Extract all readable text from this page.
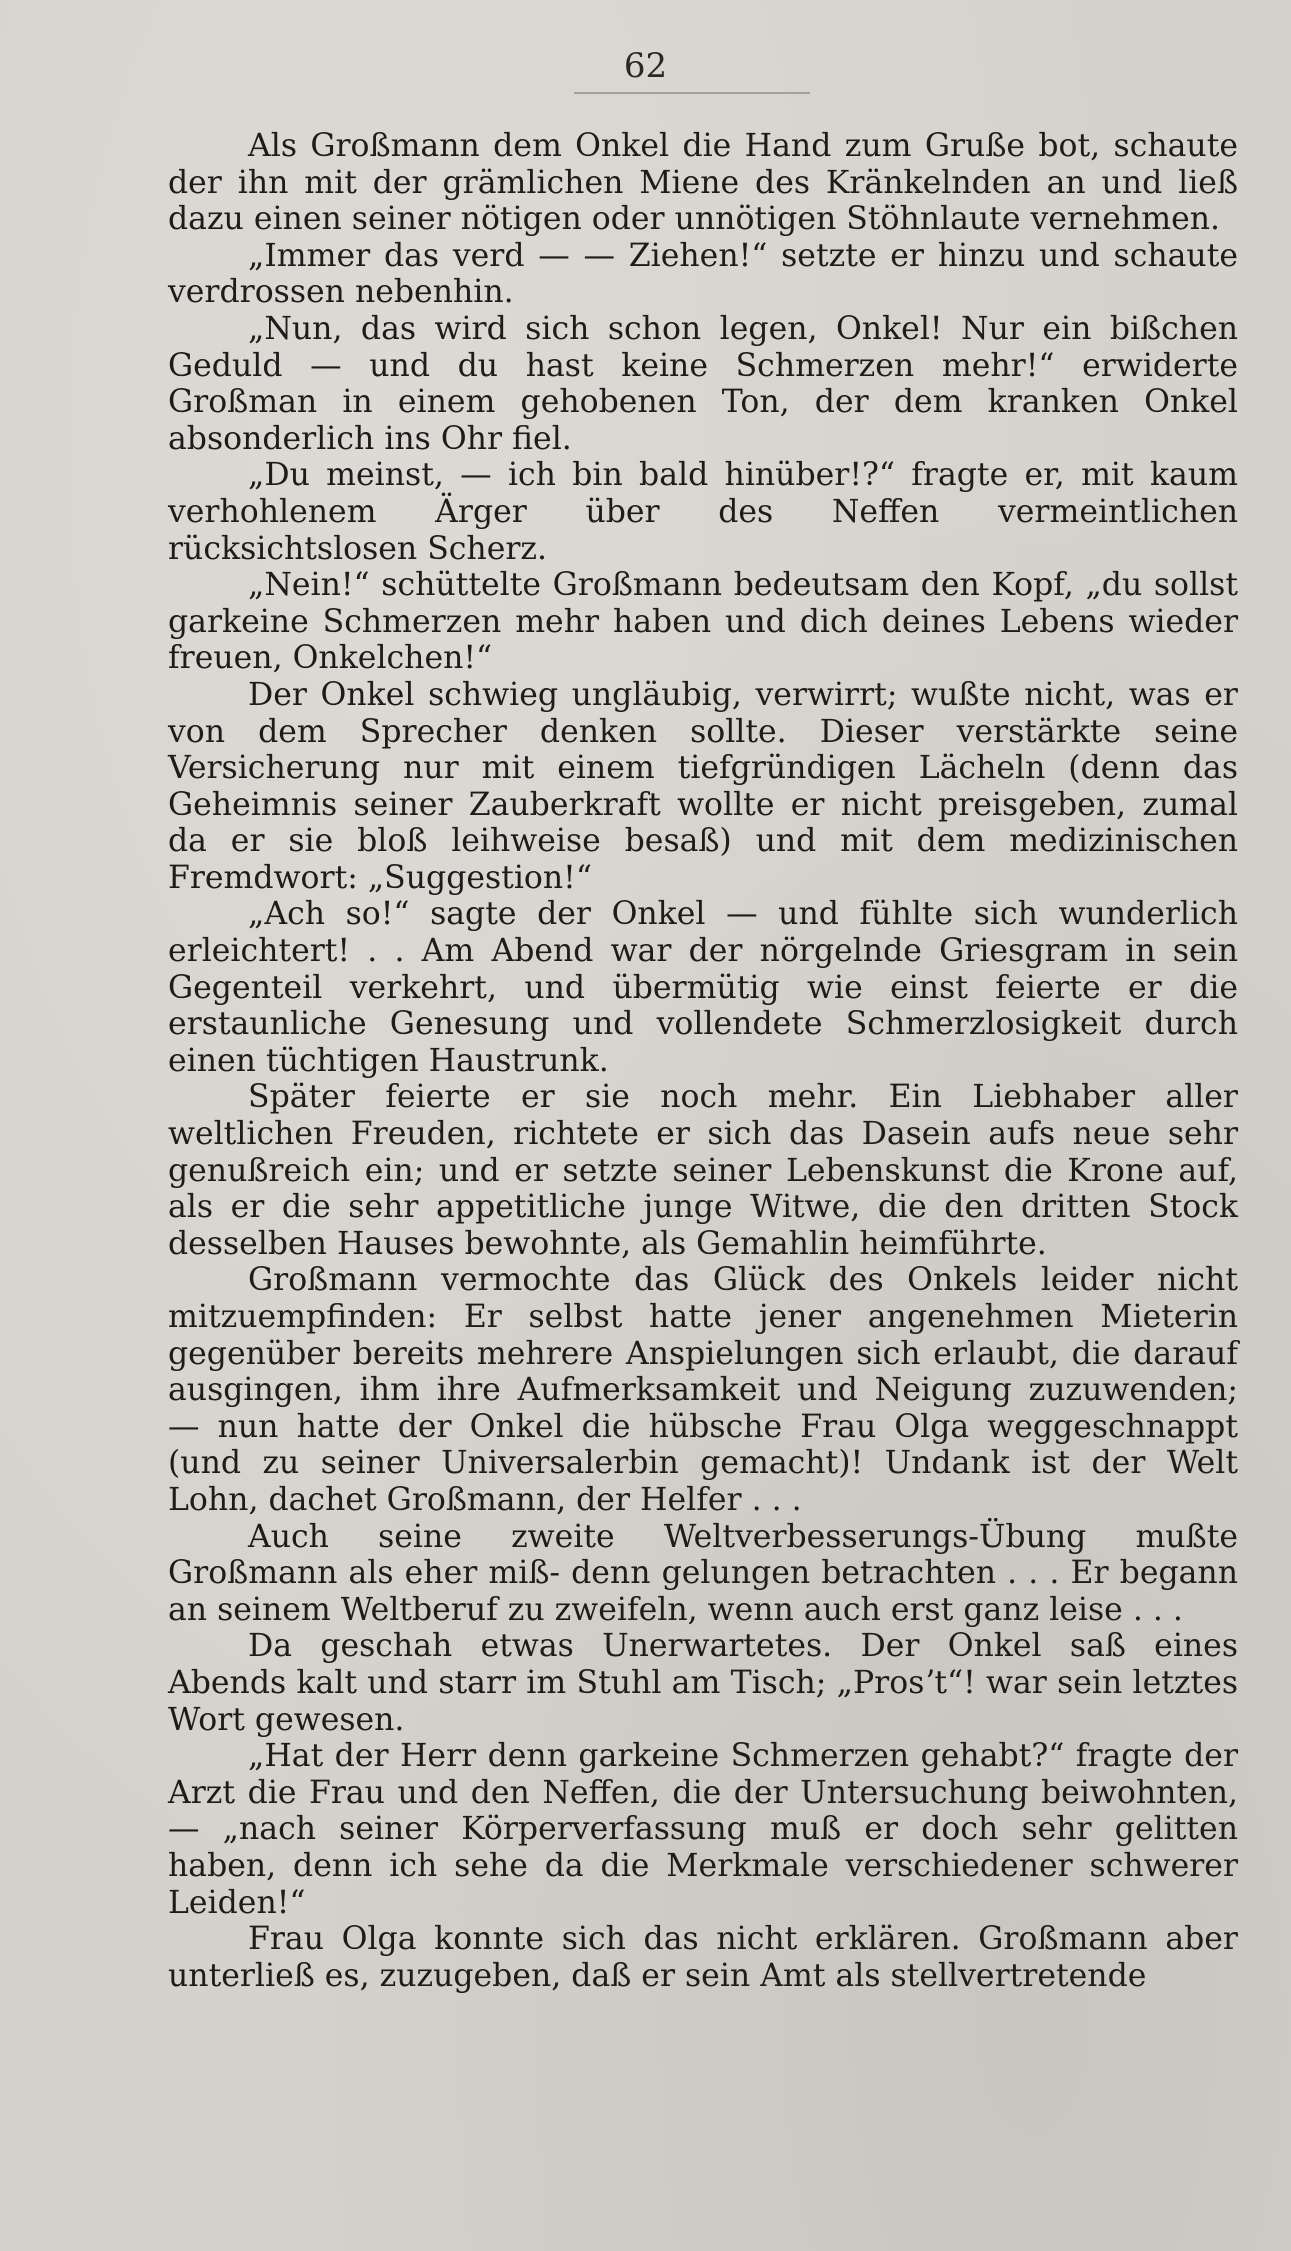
62

Als Großmann dem Onkel die Hand zum Gruße bot, schaute der ihn mit der grämlichen Miene des Kränkelnden an und ließ dazu einen seiner nötigen oder unnötigen Stöhnlaute vernehmen.

„Immer das verd — — Ziehen!“ setzte er hinzu und schaute verdrossen nebenhin.

„Nun, das wird sich schon legen, Onkel! Nur ein bißchen Geduld — und du hast keine Schmerzen mehr!“ erwiderte Großman in einem gehobenen Ton, der dem kranken Onkel absonderlich ins Ohr fiel.

„Du meinst, — ich bin bald hinüber!?“ fragte er, mit kaum verhohlenem Ärger über des Neffen vermeintlichen rücksichtslosen Scherz.

„Nein!“ schüttelte Großmann bedeutsam den Kopf, „du sollst garkeine Schmerzen mehr haben und dich deines Lebens wieder freuen, Onkelchen!“

Der Onkel schwieg ungläubig, verwirrt; wußte nicht, was er von dem Sprecher denken sollte. Dieser verstärkte seine Versicherung nur mit einem tiefgründigen Lächeln (denn das Geheimnis seiner Zauberkraft wollte er nicht preisgeben, zumal da er sie bloß leihweise besaß) und mit dem medizinischen Fremdwort: „Suggestion!“

„Ach so!“ sagte der Onkel — und fühlte sich wunderlich erleichtert! . . Am Abend war der nörgelnde Griesgram in sein Gegenteil verkehrt, und übermütig wie einst feierte er die erstaunliche Genesung und vollendete Schmerzlosigkeit durch einen tüchtigen Haustrunk.

Später feierte er sie noch mehr. Ein Liebhaber aller weltlichen Freuden, richtete er sich das Dasein aufs neue sehr genußreich ein; und er setzte seiner Lebenskunst die Krone auf, als er die sehr appetitliche junge Witwe, die den dritten Stock desselben Hauses bewohnte, als Gemahlin heimführte.

Großmann vermochte das Glück des Onkels leider nicht mitzuempfinden: Er selbst hatte jener angenehmen Mieterin gegenüber bereits mehrere Anspielungen sich erlaubt, die darauf ausgingen, ihm ihre Aufmerksamkeit und Neigung zuzuwenden; — nun hatte der Onkel die hübsche Frau Olga weggeschnappt (und zu seiner Universalerbin gemacht)! Undank ist der Welt Lohn, dachet Großmann, der Helfer . . .

Auch seine zweite Weltverbesserungs-Übung mußte Großmann als eher miß- denn gelungen betrachten . . . Er begann an seinem Weltberuf zu zweifeln, wenn auch erst ganz leise . . .

Da geschah etwas Unerwartetes. Der Onkel saß eines Abends kalt und starr im Stuhl am Tisch; „Prosʼt“! war sein letztes Wort gewesen.

„Hat der Herr denn garkeine Schmerzen gehabt?“ fragte der Arzt die Frau und den Neffen, die der Untersuchung beiwohnten, — „nach seiner Körperverfassung muß er doch sehr gelitten haben, denn ich sehe da die Merkmale verschiedener schwerer Leiden!“

Frau Olga konnte sich das nicht erklären. Großmann aber unterließ es, zuzugeben, daß er sein Amt als stellvertretende
